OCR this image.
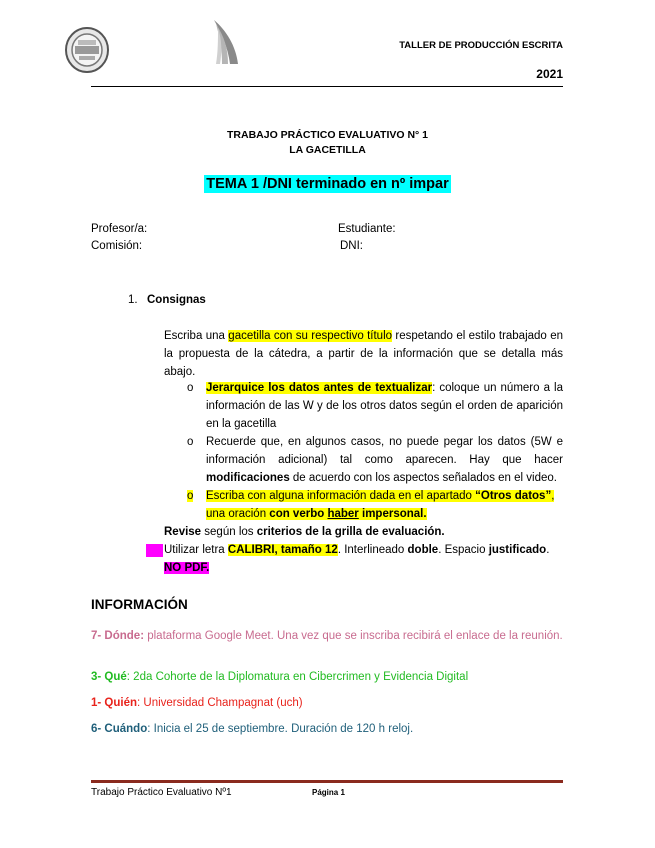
TALLER DE PRODUCCIÓN ESCRITA
2021
TRABAJO PRÁCTICO EVALUATIVO N° 1
LA GACETILLA
TEMA 1 /DNI terminado en nº impar
Profesor/a:
Comisión:
Estudiante:
DNI:
1. Consignas
Escriba una gacetilla con su respectivo título respetando el estilo trabajado en la propuesta de la cátedra, a partir de la información que se detalla más abajo.
o Jerarquice los datos antes de textualizar: coloque un número a la información de las W y de los otros datos según el orden de aparición en la gacetilla
o Recuerde que, en algunos casos, no puede pegar los datos (5W e información adicional) tal como aparecen. Hay que hacer modificaciones de acuerdo con los aspectos señalados en el video.
o Escriba con alguna información dada en el apartado “Otros datos”, una oración con verbo haber impersonal.
Revise según los criterios de la grilla de evaluación.
Utilizar letra CALIBRI, tamaño 12. Interlineado doble. Espacio justificado. NO PDF.
INFORMACIÓN
7- Dónde: plataforma Google Meet. Una vez que se inscriba recibirá el enlace de la reunión.
3- Qué: 2da Cohorte de la Diplomatura en Cibercrimen y Evidencia Digital
1- Quién: Universidad Champagnat (uch)
6- Cuándo: Inicia el 25 de septiembre. Duración de 120 h reloj.
Trabajo Práctico Evaluativo Nº1	Página 1
